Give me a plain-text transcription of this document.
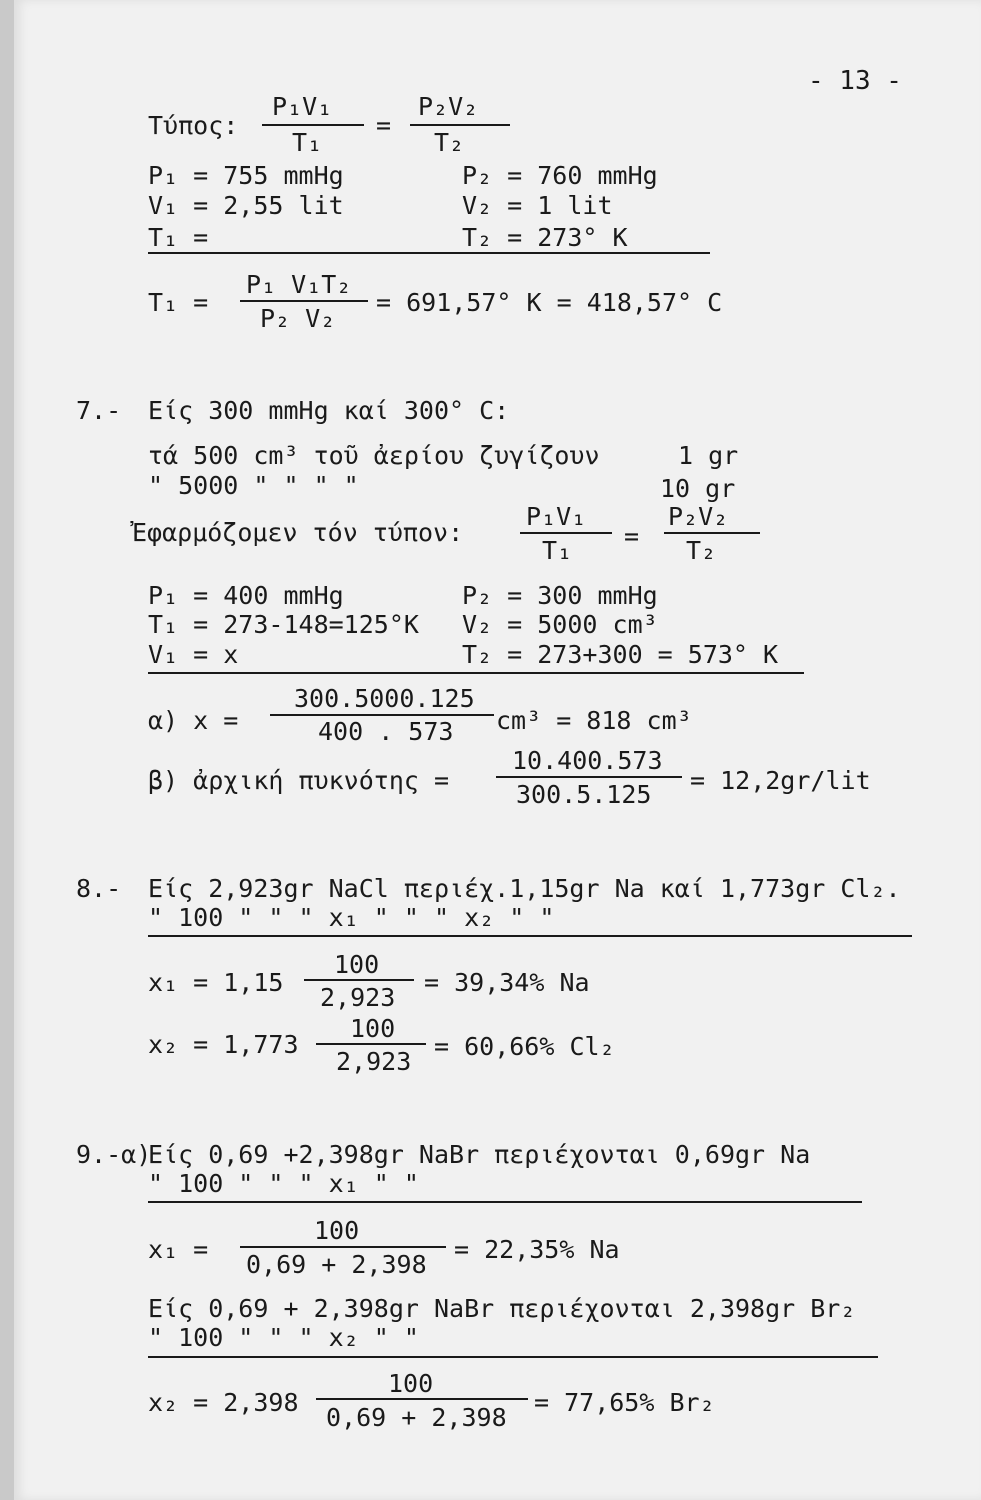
- 13 -
Τύπος:
P₁V₁
T₁
=
P₂V₂
T₂
P₁ = 755 mmHg
V₁ = 2,55 lit
T₁ =
P₂ = 760 mmHg
V₂ = 1 lit
T₂ = 273° K
T₁ =
P₁ V₁T₂
P₂ V₂
= 691,57° K = 418,57° C
7.- Είς 300 mmHg καί 300° C:
τά 500 cm³ τοῦ ἀερίου ζυγίζουν	1 gr
" 5000 " " " "	10 gr
Ἐφαρμόζομεν τόν τύπον:
P₁V₁
T₁ =
P₂V₂
T₂
P₁ = 400 mmHg
T₁ = 273-148=125°K
V₁ = x
P₂ = 300 mmHg
V₂ = 5000 cm³
T₂ = 273+300 = 573° K
α) x =
300.5000.125
400 . 573 cm³ = 818 cm³
β) ἀρχική πυκνότης =
10.400.573
300.5.125 = 12,2gr/lit
8.- Είς 2,923gr NaCl περιέχ.1,15gr Na καί 1,773gr Cl₂.
" 100 " " " x₁ " " " x₂ " "
x₁ = 1,15
100
2,923
= 39,34% Na
x₂ = 1,773
100
2,923
= 60,66% Cl₂
9.-α)
Είς 0,69 +2,398gr NaBr περιέχονται 0,69gr Na
" 100 " " " x₁ " "
x₁ =
100
0,69 + 2,398
= 22,35% Na
Είς 0,69 + 2,398gr NaBr περιέχονται 2,398gr Br₂
" 100 " " " x₂ " "
x₂ = 2,398
100
0,69 + 2,398
= 77,65% Br₂
